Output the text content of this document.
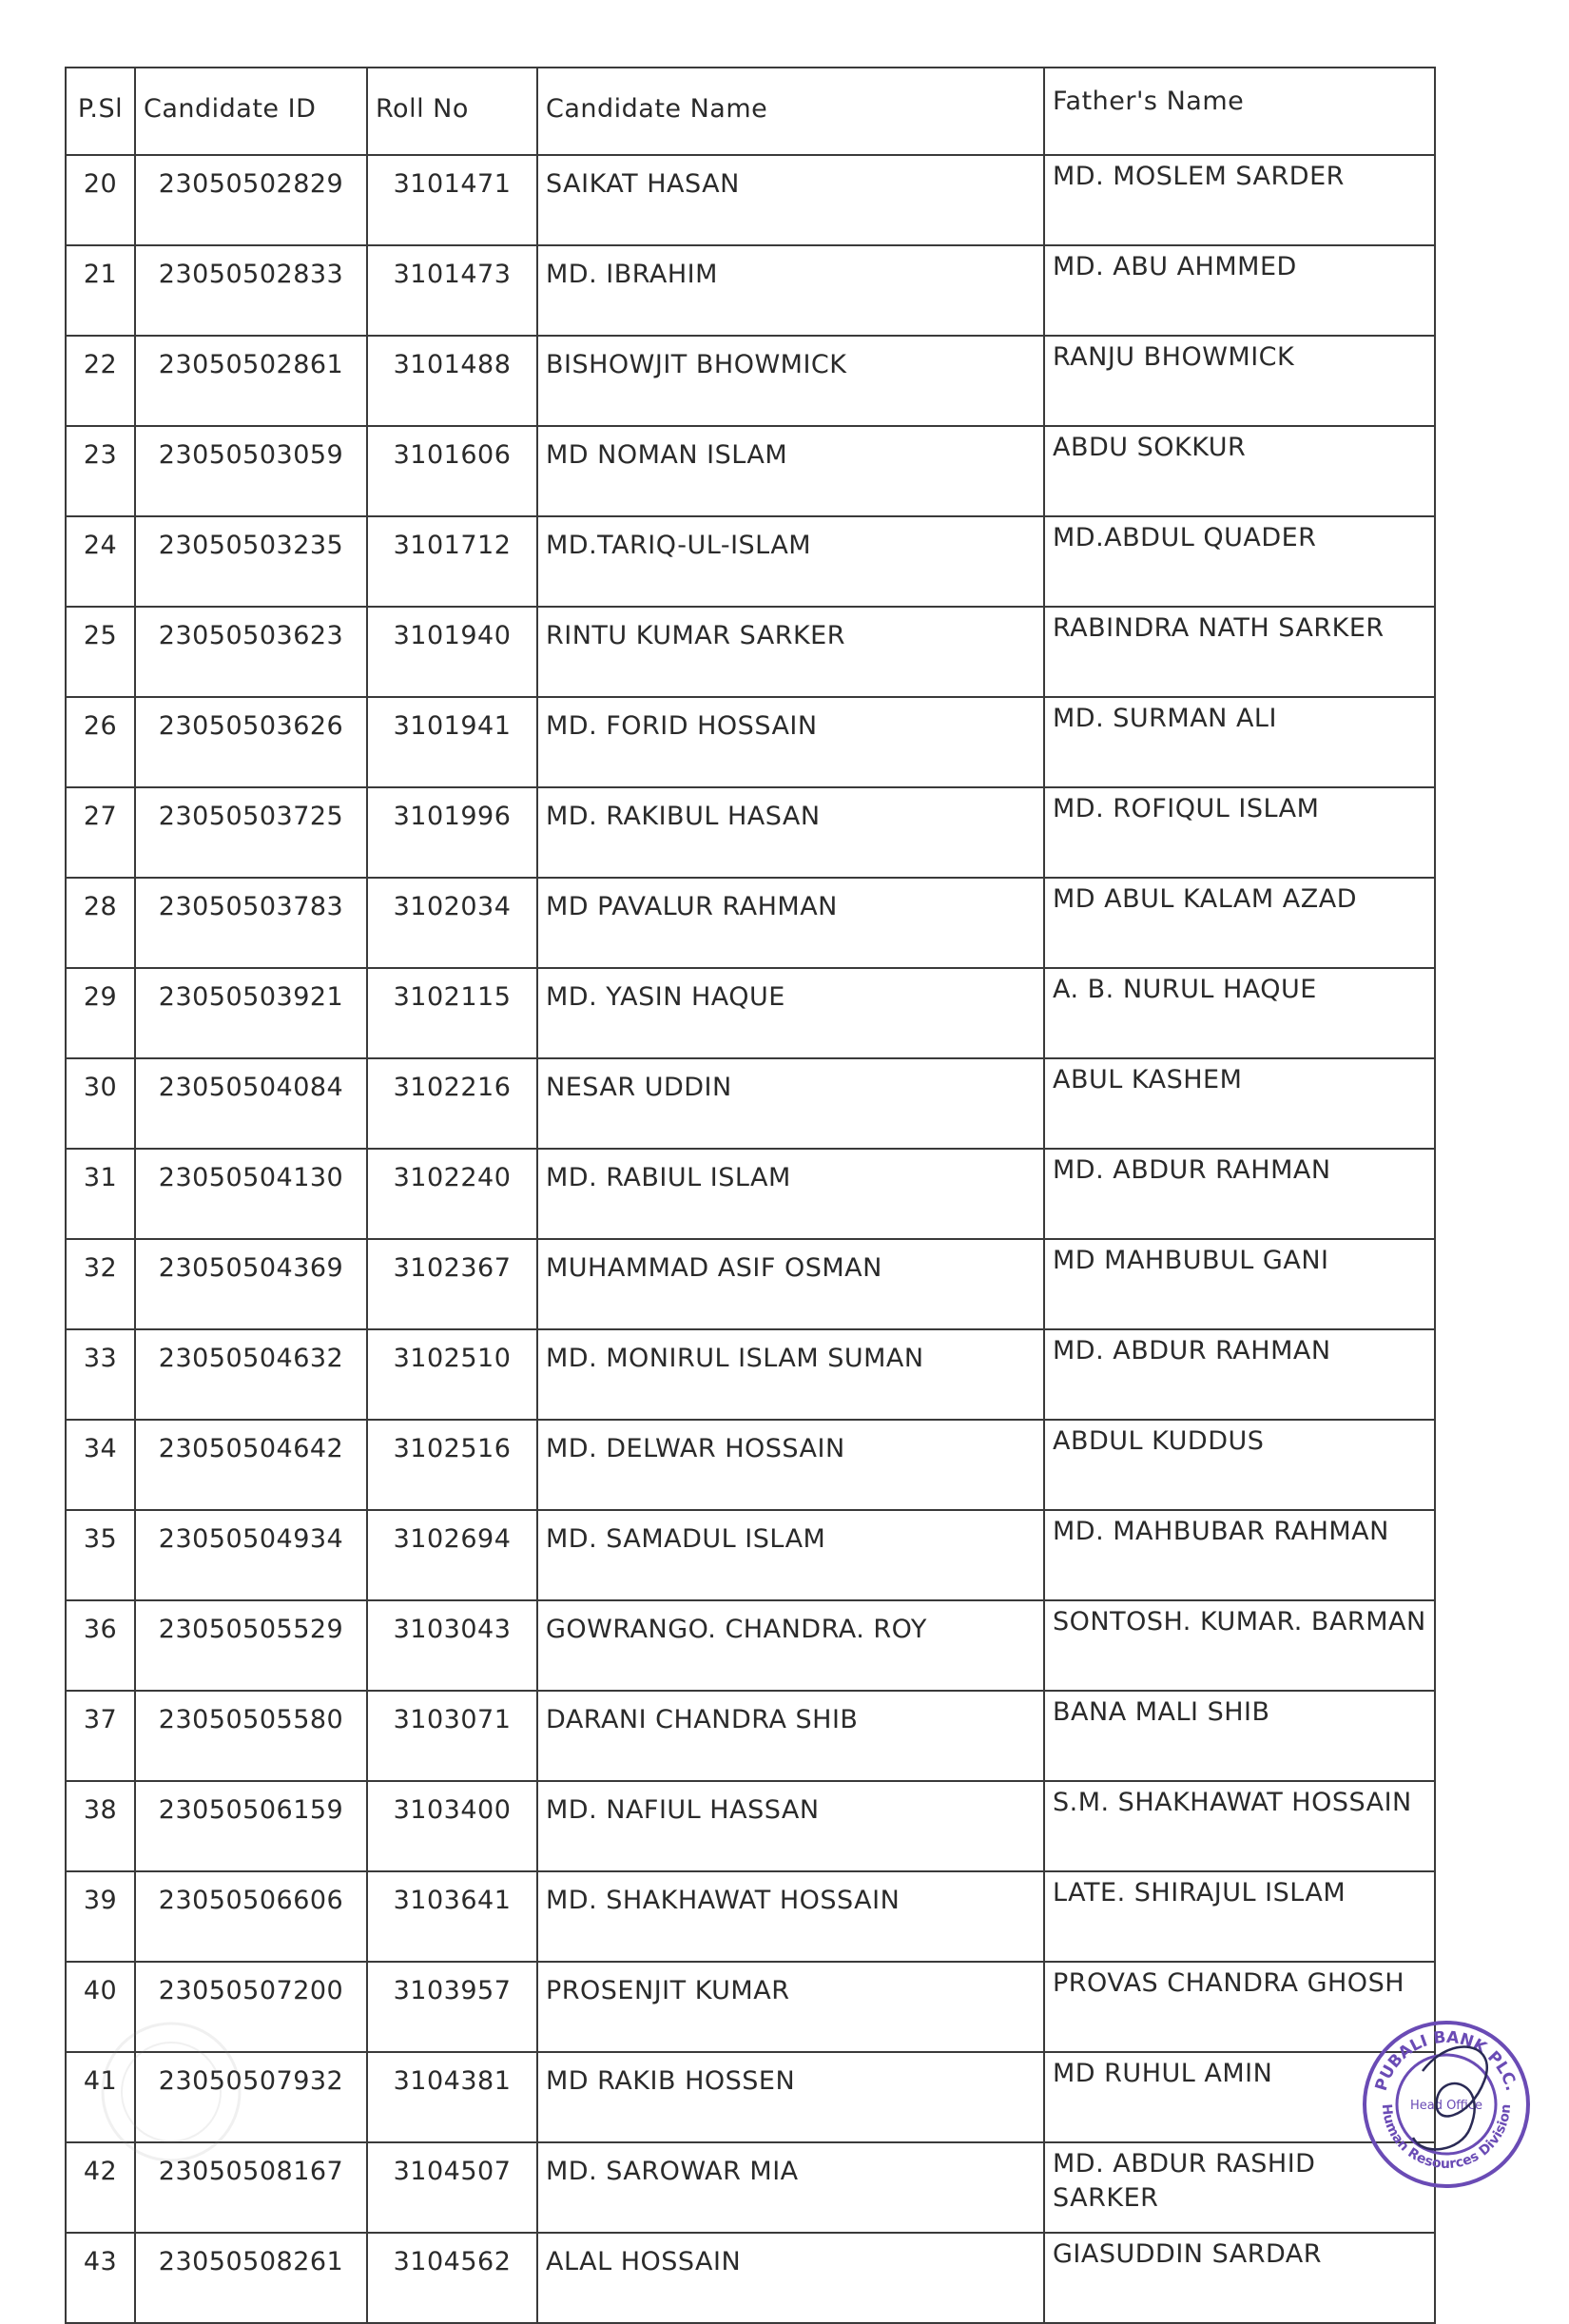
P.Sl	Candidate ID	Roll No	Candidate Name	Father's Name

20	23050502829	3101471	SAIKAT HASAN	MD. MOSLEM SARDER
21	23050502833	3101473	MD. IBRAHIM	MD. ABU AHMMED
22	23050502861	3101488	BISHOWJIT BHOWMICK	RANJU BHOWMICK
23	23050503059	3101606	MD NOMAN ISLAM	ABDU SOKKUR
24	23050503235	3101712	MD.TARIQ-UL-ISLAM	MD.ABDUL QUADER
25	23050503623	3101940	RINTU KUMAR SARKER	RABINDRA NATH SARKER
26	23050503626	3101941	MD. FORID HOSSAIN	MD. SURMAN ALI
27	23050503725	3101996	MD. RAKIBUL HASAN	MD. ROFIQUL ISLAM
28	23050503783	3102034	MD PAVALUR RAHMAN	MD ABUL KALAM AZAD
29	23050503921	3102115	MD. YASIN HAQUE	A. B. NURUL HAQUE
30	23050504084	3102216	NESAR UDDIN	ABUL KASHEM
31	23050504130	3102240	MD. RABIUL ISLAM	MD. ABDUR RAHMAN
32	23050504369	3102367	MUHAMMAD ASIF OSMAN	MD MAHBUBUL GANI
33	23050504632	3102510	MD. MONIRUL ISLAM SUMAN	MD. ABDUR RAHMAN
34	23050504642	3102516	MD. DELWAR HOSSAIN	ABDUL KUDDUS
35	23050504934	3102694	MD. SAMADUL ISLAM	MD. MAHBUBAR RAHMAN
36	23050505529	3103043	GOWRANGO. CHANDRA. ROY	SONTOSH. KUMAR. BARMAN
37	23050505580	3103071	DARANI CHANDRA SHIB	BANA MALI SHIB
38	23050506159	3103400	MD. NAFIUL HASSAN	S.M. SHAKHAWAT HOSSAIN
39	23050506606	3103641	MD. SHAKHAWAT HOSSAIN	LATE. SHIRAJUL ISLAM
40	23050507200	3103957	PROSENJIT KUMAR	PROVAS CHANDRA GHOSH
41	23050507932	3104381	MD RAKIB HOSSEN	MD RUHUL AMIN
42	23050508167	3104507	MD. SAROWAR MIA	MD. ABDUR RASHID SARKER
43	23050508261	3104562	ALAL HOSSAIN	GIASUDDIN SARDAR
PUBALI BANK PLC.
Human Resources Division
Head Office
